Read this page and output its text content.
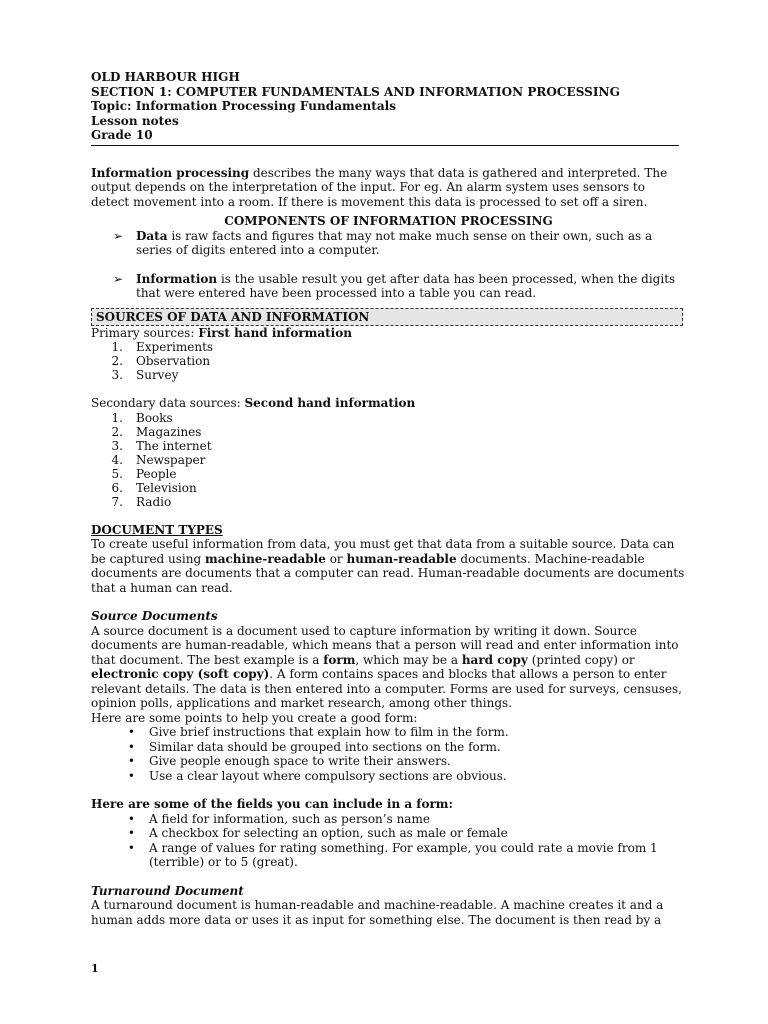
OLD HARBOUR HIGH
SECTION 1: COMPUTER FUNDAMENTALS AND INFORMATION PROCESSING
Topic: Information Processing Fundamentals
Lesson notes
Grade 10

Information processing describes the many ways that data is gathered and interpreted. The output depends on the interpretation of the input. For eg. An alarm system uses sensors to detect movement into a room. If there is movement this data is processed to set off a siren.

COMPONENTS OF INFORMATION PROCESSING
➢	Data is raw facts and figures that may not make much sense on their own, such as a series of digits entered into a computer.
➢	Information is the usable result you get after data has been processed, when the digits that were entered have been processed into a table you can read.
SOURCES OF DATA AND INFORMATION

Primary sources: First hand information

1.	Experiments
2.	Observation
3.	Survey

Secondary data sources: Second hand information

1.	Books
2.	Magazines
3.	The internet
4.	Newspaper
5.	People
6.	Television
7.	Radio
DOCUMENT TYPES

To create useful information from data, you must get that data from a suitable source. Data can be captured using machine-readable or human-readable documents. Machine-readable documents are documents that a computer can read. Human-readable documents are documents that a human can read.

Source Documents

A source document is a document used to capture information by writing it down. Source documents are human-readable, which means that a person will read and enter information into that document. The best example is a form, which may be a hard copy (printed copy) or electronic copy (soft copy). A form contains spaces and blocks that allows a person to enter relevant details. The data is then entered into a computer. Forms are used for surveys, censuses, opinion polls, applications and market research, among other things.

Here are some points to help you create a good form:

•	Give brief instructions that explain how to film in the form.
•	Similar data should be grouped into sections on the form.
•	Give people enough space to write their answers.
•	Use a clear layout where compulsory sections are obvious.

Here are some of the fields you can include in a form:

•	A field for information, such as person’s name
•	A checkbox for selecting an option, such as male or female
•	A range of values for rating something. For example, you could rate a movie from 1 (terrible) or to 5 (great).
Turnaround Document

A turnaround document is human-readable and machine-readable. A machine creates it and a human adds more data or uses it as input for something else. The document is then read by a

1
